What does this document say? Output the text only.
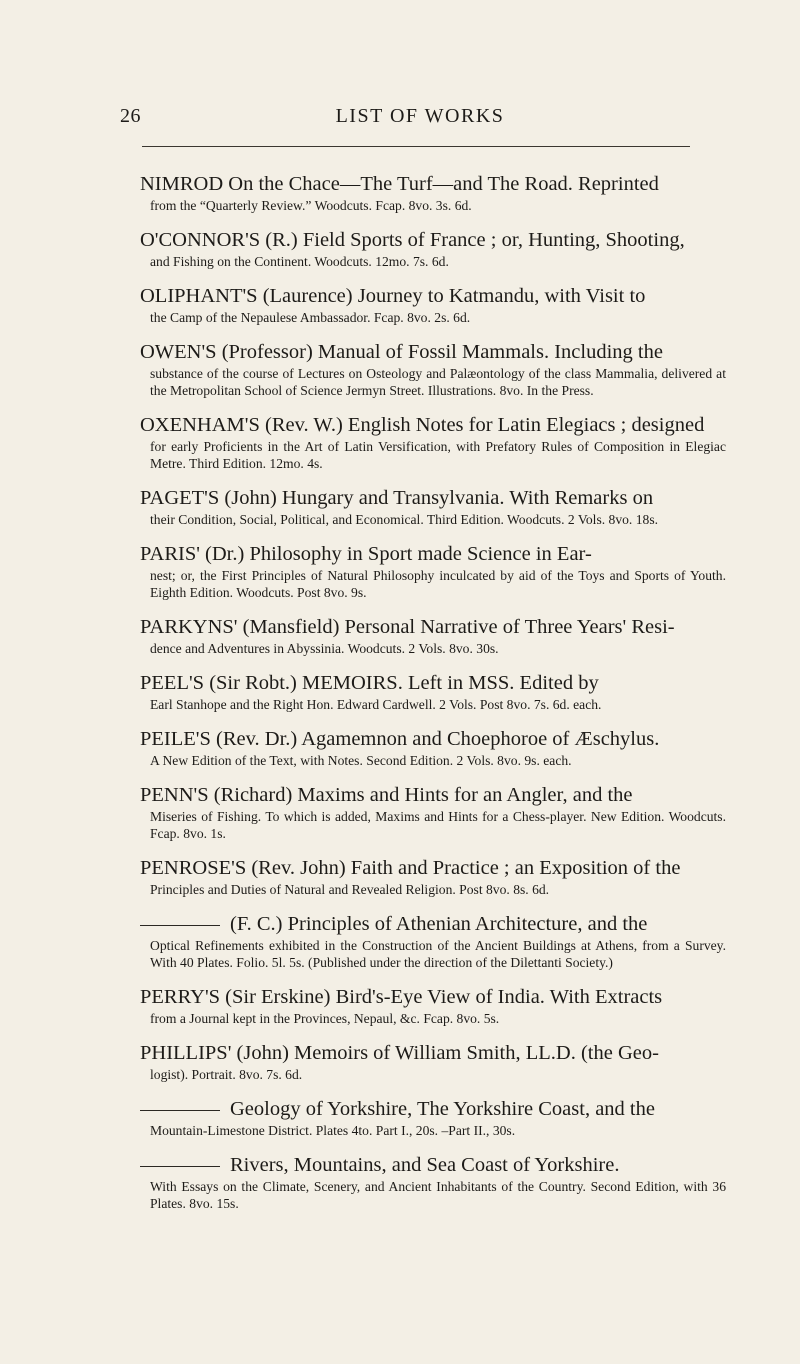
26	LIST OF WORKS
NIMROD On the Chace—The Turf—and The Road. Reprinted
from the “Quarterly Review.” Woodcuts. Fcap. 8vo. 3s. 6d.
O'CONNOR'S (R.) Field Sports of France ; or, Hunting, Shooting,
and Fishing on the Continent. Woodcuts. 12mo. 7s. 6d.
OLIPHANT'S (Laurence) Journey to Katmandu, with Visit to
the Camp of the Nepaulese Ambassador. Fcap. 8vo. 2s. 6d.
OWEN'S (Professor) Manual of Fossil Mammals. Including the
substance of the course of Lectures on Osteology and Palæontology of the class Mammalia, delivered at the Metropolitan School of Science Jermyn Street. Illustrations. 8vo. In the Press.
OXENHAM'S (Rev. W.) English Notes for Latin Elegiacs ; designed
for early Proficients in the Art of Latin Versification, with Prefatory Rules of Composition in Elegiac Metre. Third Edition. 12mo. 4s.
PAGET'S (John) Hungary and Transylvania. With Remarks on
their Condition, Social, Political, and Economical. Third Edition. Woodcuts. 2 Vols. 8vo. 18s.
PARIS' (Dr.) Philosophy in Sport made Science in Ear-
nest; or, the First Principles of Natural Philosophy inculcated by aid of the Toys and Sports of Youth. Eighth Edition. Woodcuts. Post 8vo. 9s.
PARKYNS' (Mansfield) Personal Narrative of Three Years' Resi-
dence and Adventures in Abyssinia. Woodcuts. 2 Vols. 8vo. 30s.
PEEL'S (Sir Robt.) MEMOIRS. Left in MSS. Edited by
Earl Stanhope and the Right Hon. Edward Cardwell. 2 Vols. Post 8vo. 7s. 6d. each.
PEILE'S (Rev. Dr.) Agamemnon and Choephoroe of Æschylus.
A New Edition of the Text, with Notes. Second Edition. 2 Vols. 8vo. 9s. each.
PENN'S (Richard) Maxims and Hints for an Angler, and the
Miseries of Fishing. To which is added, Maxims and Hints for a Chess-player. New Edition. Woodcuts. Fcap. 8vo. 1s.
PENROSE'S (Rev. John) Faith and Practice ; an Exposition of the
Principles and Duties of Natural and Revealed Religion. Post 8vo. 8s. 6d.
(F. C.) Principles of Athenian Architecture, and the
Optical Refinements exhibited in the Construction of the Ancient Buildings at Athens, from a Survey. With 40 Plates. Folio. 5l. 5s. (Published under the direction of the Dilettanti Society.)
PERRY'S (Sir Erskine) Bird's-Eye View of India. With Extracts
from a Journal kept in the Provinces, Nepaul, &c. Fcap. 8vo. 5s.
PHILLIPS' (John) Memoirs of William Smith, LL.D. (the Geo-
logist). Portrait. 8vo. 7s. 6d.
Geology of Yorkshire, The Yorkshire Coast, and the
Mountain-Limestone District. Plates 4to. Part I., 20s. –Part II., 30s.
Rivers, Mountains, and Sea Coast of Yorkshire.
With Essays on the Climate, Scenery, and Ancient Inhabitants of the Country. Second Edition, with 36 Plates. 8vo. 15s.
